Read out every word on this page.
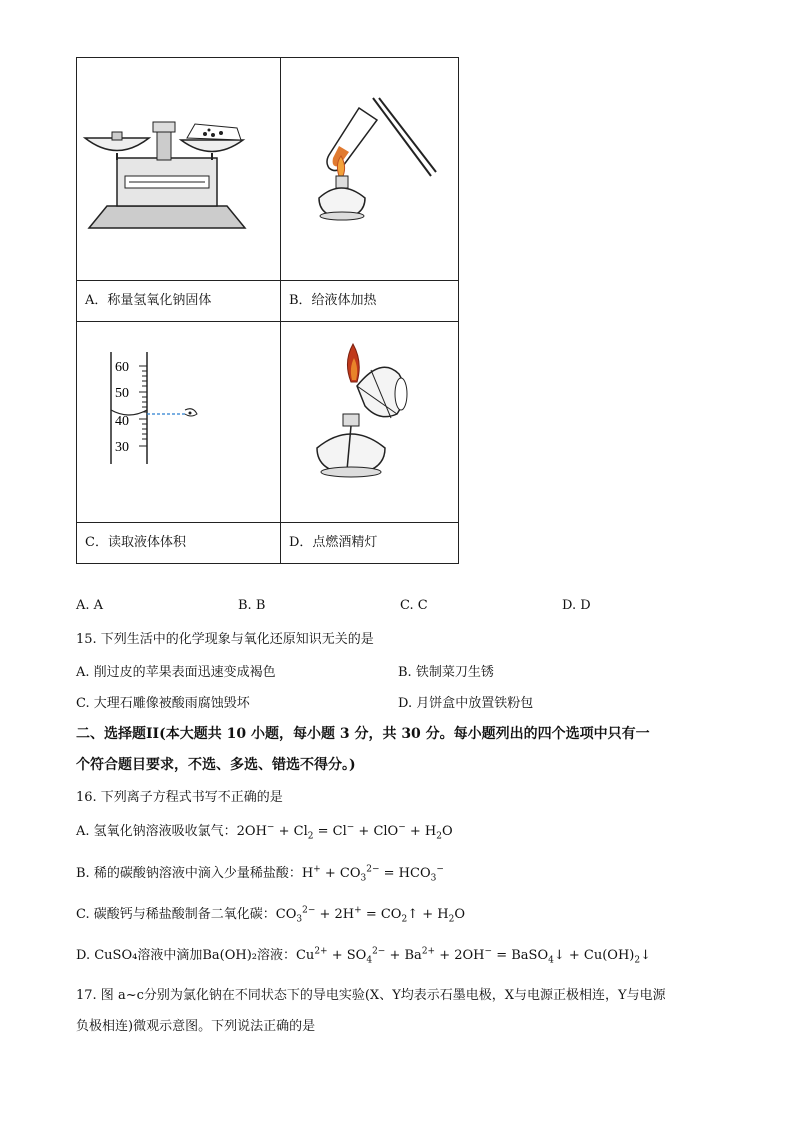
A．称量氢氧化钠固体	B．给液体加热

60
50
40
30

C．读取液体体积	D．点燃酒精灯
A. A	B. B	C. C	D. D
15. 下列生活中的化学现象与氧化还原知识无关的是
A. 削过皮的苹果表面迅速变成褐色	B. 铁制菜刀生锈
C. 大理石雕像被酸雨腐蚀毁坏	D. 月饼盒中放置铁粉包
二、选择题II(本大题共 10 小题，每小题 3 分，共 30 分。每小题列出的四个选项中只有一
个符合题目要求，不选、多选、错选不得分。)
16. 下列离子方程式书写不正确的是
A. 氢氧化钠溶液吸收氯气：$2OH^- + Cl_2 = Cl^- + ClO^- + H_2O$
B. 稀的碳酸钠溶液中滴入少量稀盐酸：$H^+ + CO_3^{2-} = HCO_3^-$
C. 碳酸钙与稀盐酸制备二氧化碳：$CO_3^{2-} + 2H^+$ = $CO_2↑ + H_2O$
D. CuSO₄溶液中滴加Ba(OH)₂溶液：$Cu^{2+} + SO_4^{2-} + Ba^{2+} + 2OH^-$ = BaSO$_4$↓ + $Cu(OH)_2↓$
17. 图 a~c分别为氯化钠在不同状态下的导电实验(X、Y均表示石墨电极，X与电源正极相连，Y与电源
负极相连)微观示意图。下列说法正确的是
